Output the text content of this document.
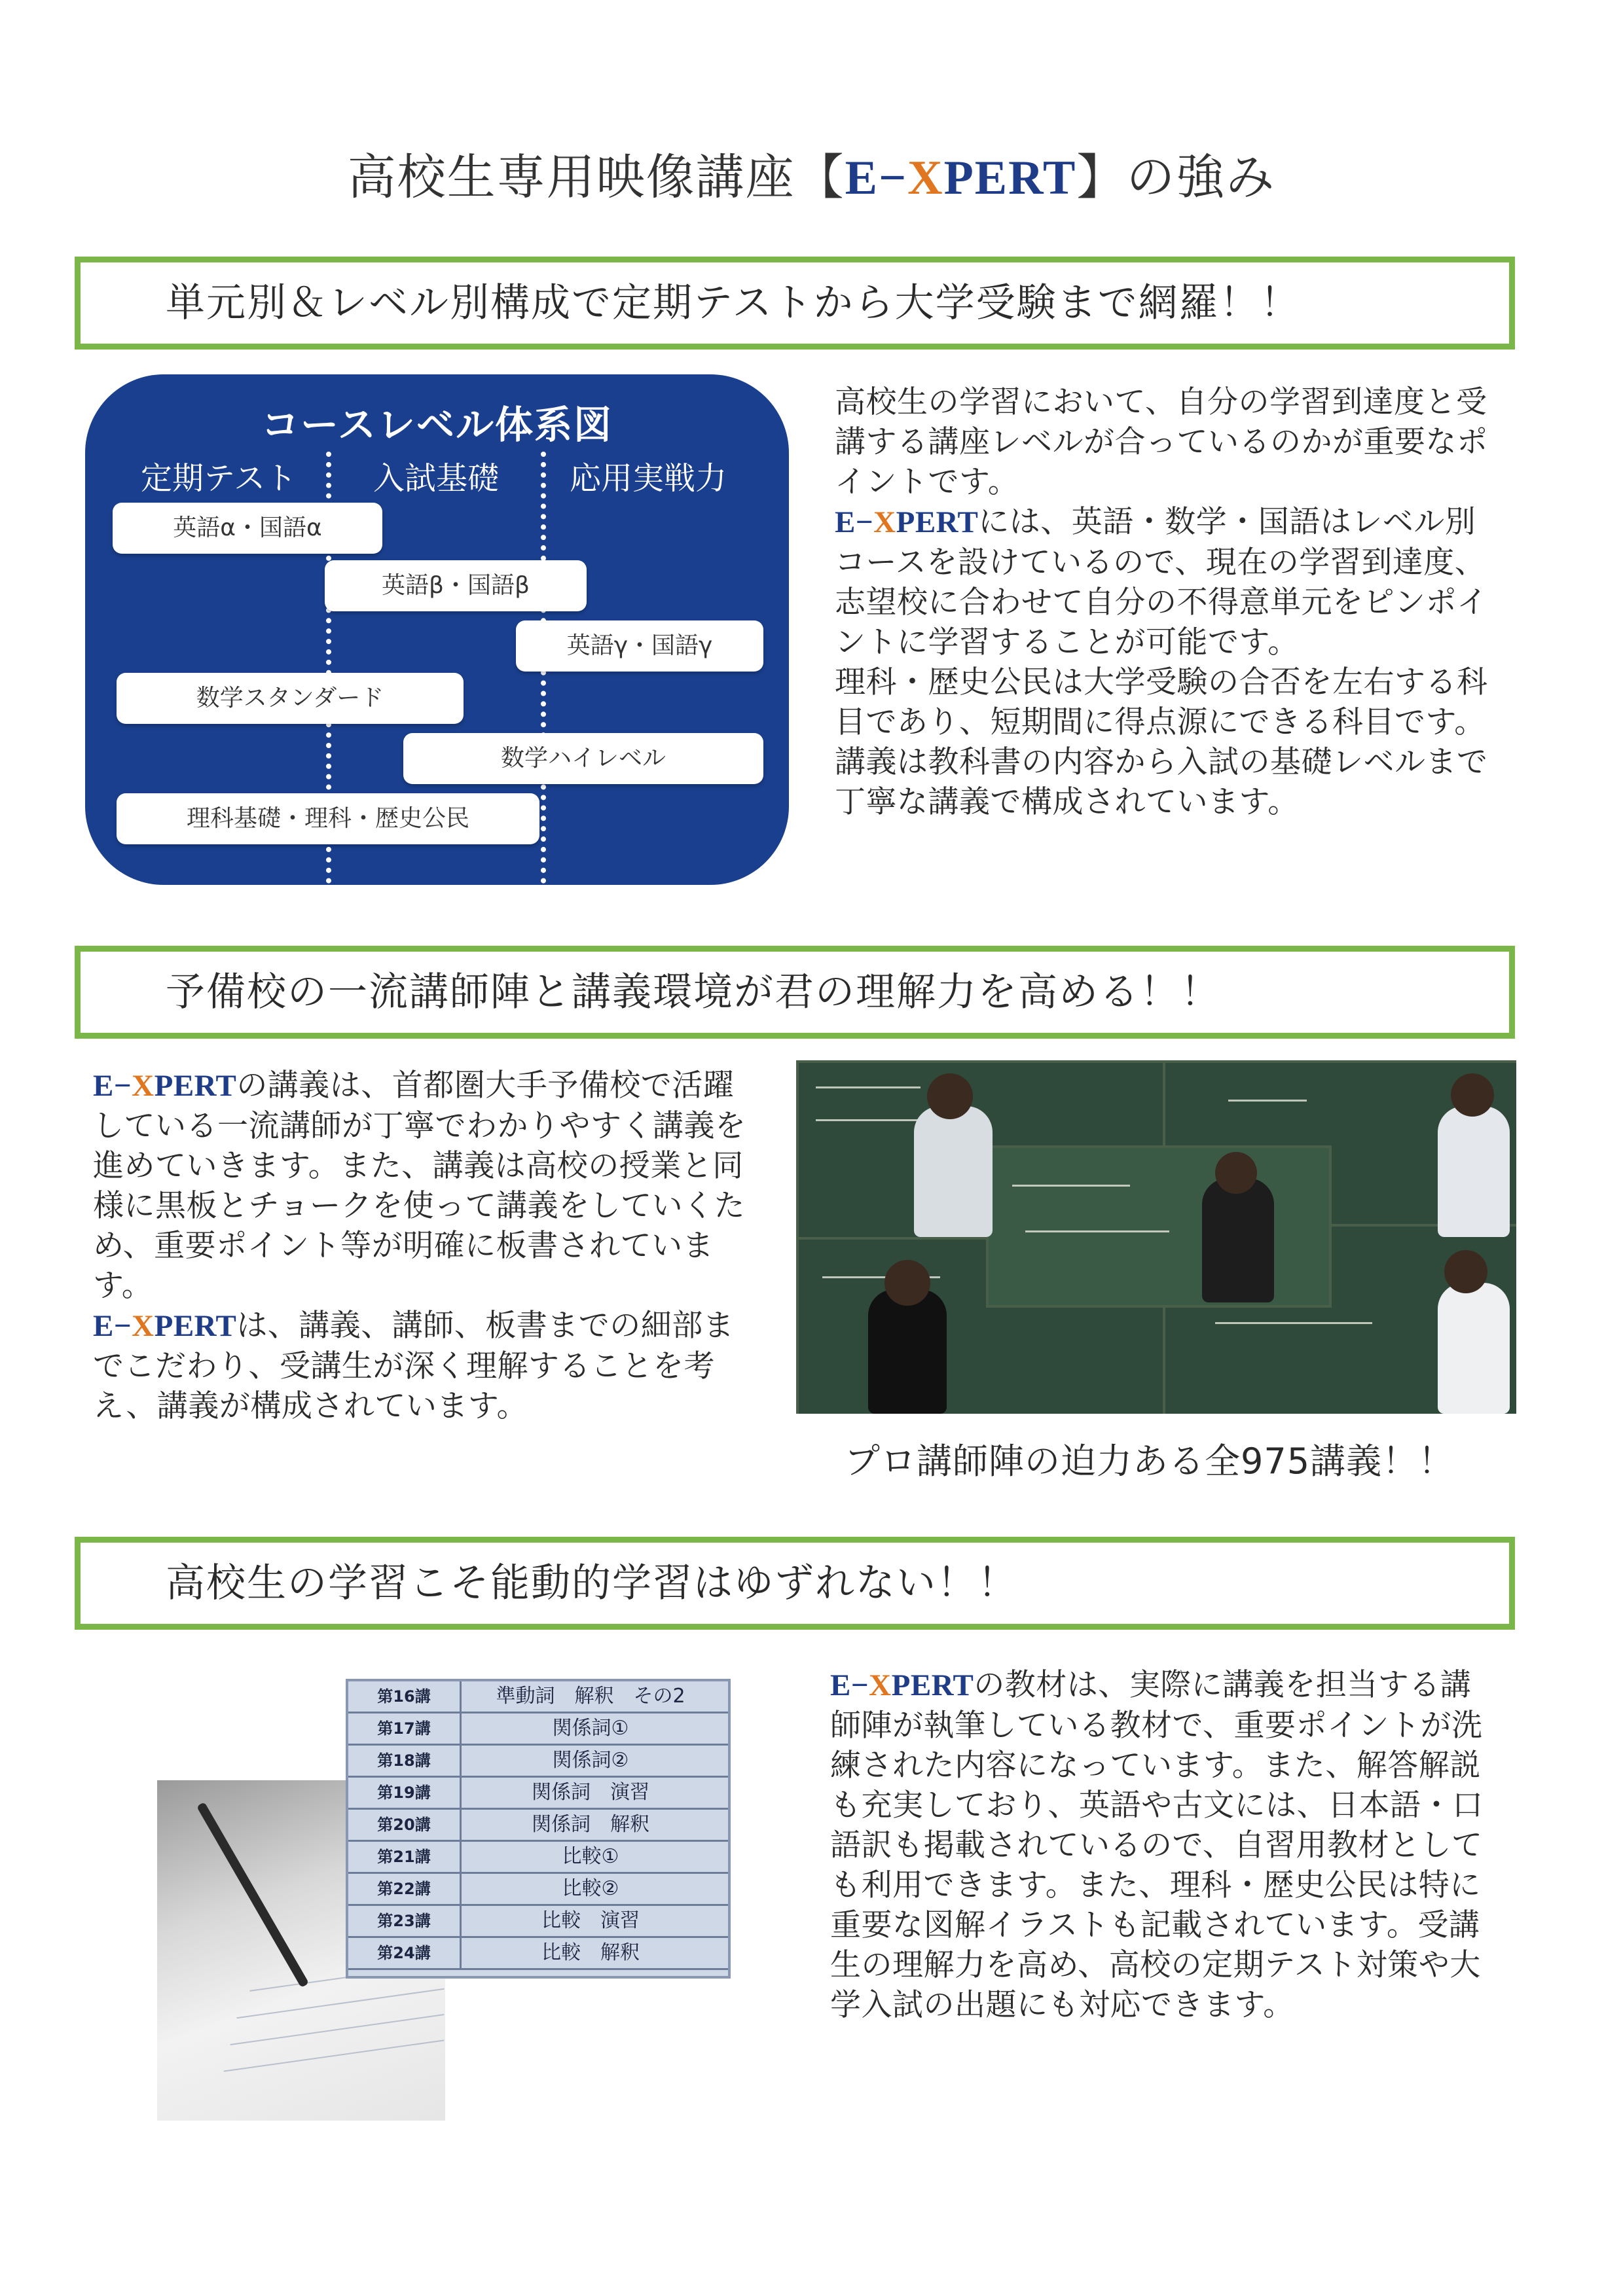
高校生専用映像講座【E−XPERT】の強み
単元別＆レベル別構成で定期テストから大学受験まで網羅！！
コースレベル体系図
定期テスト 入試基礎 応用実戦力
英語α・国語α
英語β・国語β
英語γ・国語γ
数学スタンダード
数学ハイレベル
理科基礎・理科・歴史公民

高校生の学習において、自分の学習到達度と受講する講座レベルが合っているのかが重要なポイントです。

E−XPERTには、英語・数学・国語はレベル別コースを設けているので、現在の学習到達度、志望校に合わせて自分の不得意単元をピンポイントに学習することが可能です。

理科・歴史公民は大学受験の合否を左右する科目であり、短期間に得点源にできる科目です。講義は教科書の内容から入試の基礎レベルまで丁寧な講義で構成されています。

予備校の一流講師陣と講義環境が君の理解力を高める！！

E−XPERTの講義は、首都圏大手予備校で活躍している一流講師が丁寧でわかりやすく講義を進めていきます。また、講義は高校の授業と同様に黒板とチョークを使って講義をしていくため、重要ポイント等が明確に板書されています。

E−XPERTは、講義、講師、板書までの細部までこだわり、受講生が深く理解することを考え、講義が構成されています。

プロ講師陣の迫力ある全975講義！！
高校生の学習こそ能動的学習はゆずれない！！
第16講	準動詞　解釈　その2
第17講	関係詞①
第18講	関係詞②
第19講	関係詞　演習
第20講	関係詞　解釈
第21講	比較①
第22講	比較②
第23講	比較　演習
第24講	比較　解釈

E−XPERTの教材は、実際に講義を担当する講師陣が執筆している教材で、重要ポイントが洗練された内容になっています。また、解答解説も充実しており、英語や古文には、日本語・口語訳も掲載されているので、自習用教材としても利用できます。また、理科・歴史公民は特に重要な図解イラストも記載されています。受講生の理解力を高め、高校の定期テスト対策や大学入試の出題にも対応できます。
